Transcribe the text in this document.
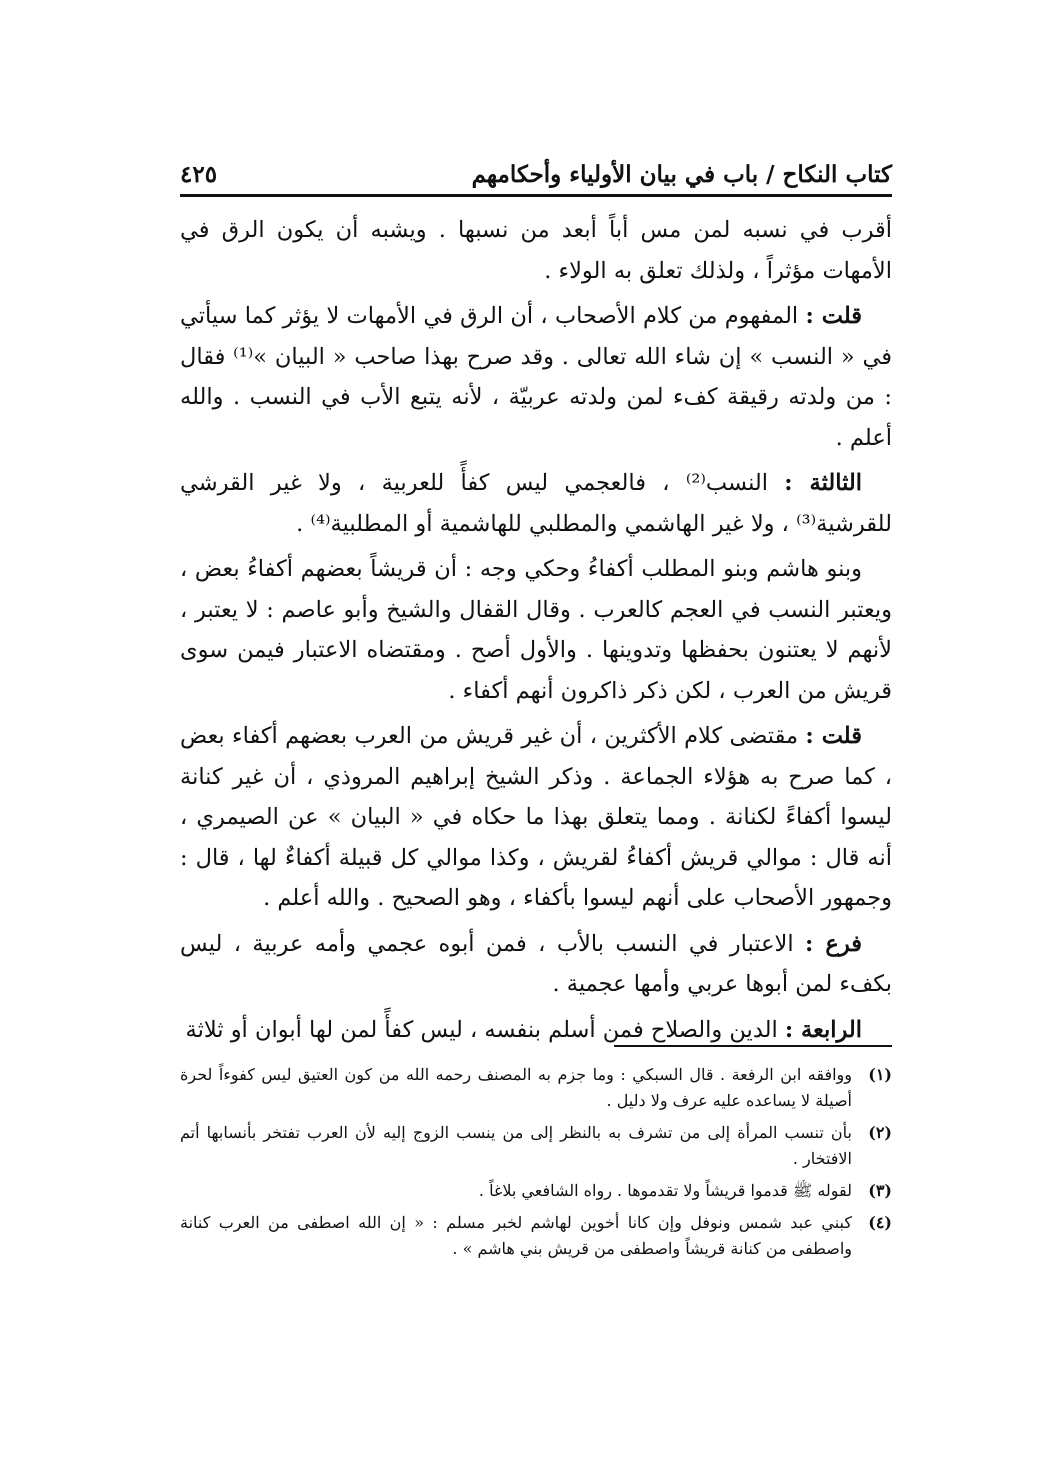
كتاب النكاح / باب في بيان الأولياء وأحكامهم
٤٢٥

أقرب في نسبه لمن مس أباً أبعد من نسبها . ويشبه أن يكون الرق في الأمهات مؤثراً ، ولذلك تعلق به الولاء .

قلت : المفهوم من كلام الأصحاب ، أن الرق في الأمهات لا يؤثر كما سيأتي في « النسب » إن شاء الله تعالى . وقد صرح بهذا صاحب « البيان »⁽¹⁾ فقال : من ولدته رقيقة كفء لمن ولدته عربيّة ، لأنه يتبع الأب في النسب . والله أعلم .

الثالثة : النسب⁽²⁾ ، فالعجمي ليس كفأً للعربية ، ولا غير القرشي للقرشية⁽³⁾ ، ولا غير الهاشمي والمطلبي للهاشمية أو المطلبية⁽⁴⁾ .

وبنو هاشم وبنو المطلب أكفاءُ وحكي وجه : أن قريشاً بعضهم أكفاءُ بعض ، ويعتبر النسب في العجم كالعرب . وقال القفال والشيخ وأبو عاصم : لا يعتبر ، لأنهم لا يعتنون بحفظها وتدوينها . والأول أصح . ومقتضاه الاعتبار فيمن سوى قريش من العرب ، لكن ذكر ذاكرون أنهم أكفاء .

قلت : مقتضى كلام الأكثرين ، أن غير قريش من العرب بعضهم أكفاء بعض ، كما صرح به هؤلاء الجماعة . وذكر الشيخ إبراهيم المروذي ، أن غير كنانة ليسوا أكفاءً لكنانة . ومما يتعلق بهذا ما حكاه في « البيان » عن الصيمري ، أنه قال : موالي قريش أكفاءُ لقريش ، وكذا موالي كل قبيلة أكفاءٌ لها ، قال : وجمهور الأصحاب على أنهم ليسوا بأكفاء ، وهو الصحيح . والله أعلم .

فرع : الاعتبار في النسب بالأب ، فمن أبوه عجمي وأمه عربية ، ليس بكفء لمن أبوها عربي وأمها عجمية .

الرابعة : الدين والصلاح فمن أسلم بنفسه ، ليس كفأً لمن لها أبوان أو ثلاثة

(١)
ووافقه ابن الرفعة . قال السبكي : وما جزم به المصنف رحمه الله من كون العتيق ليس كفوءاً لحرة أصيلة لا يساعده عليه عرف ولا دليل .
(٢)
بأن تنسب المرأة إلى من تشرف به بالنظر إلى من ينسب الزوج إليه لأن العرب تفتخر بأنسابها أتم الافتخار .
(٣)
لقوله ﷺ قدموا قريشاً ولا تقدموها . رواه الشافعي بلاغاً .
(٤)
كبني عبد شمس ونوفل وإن كانا أخوين لهاشم لخبر مسلم : « إن الله اصطفى من العرب كنانة واصطفى من كنانة قريشاً واصطفى من قريش بني هاشم » .
